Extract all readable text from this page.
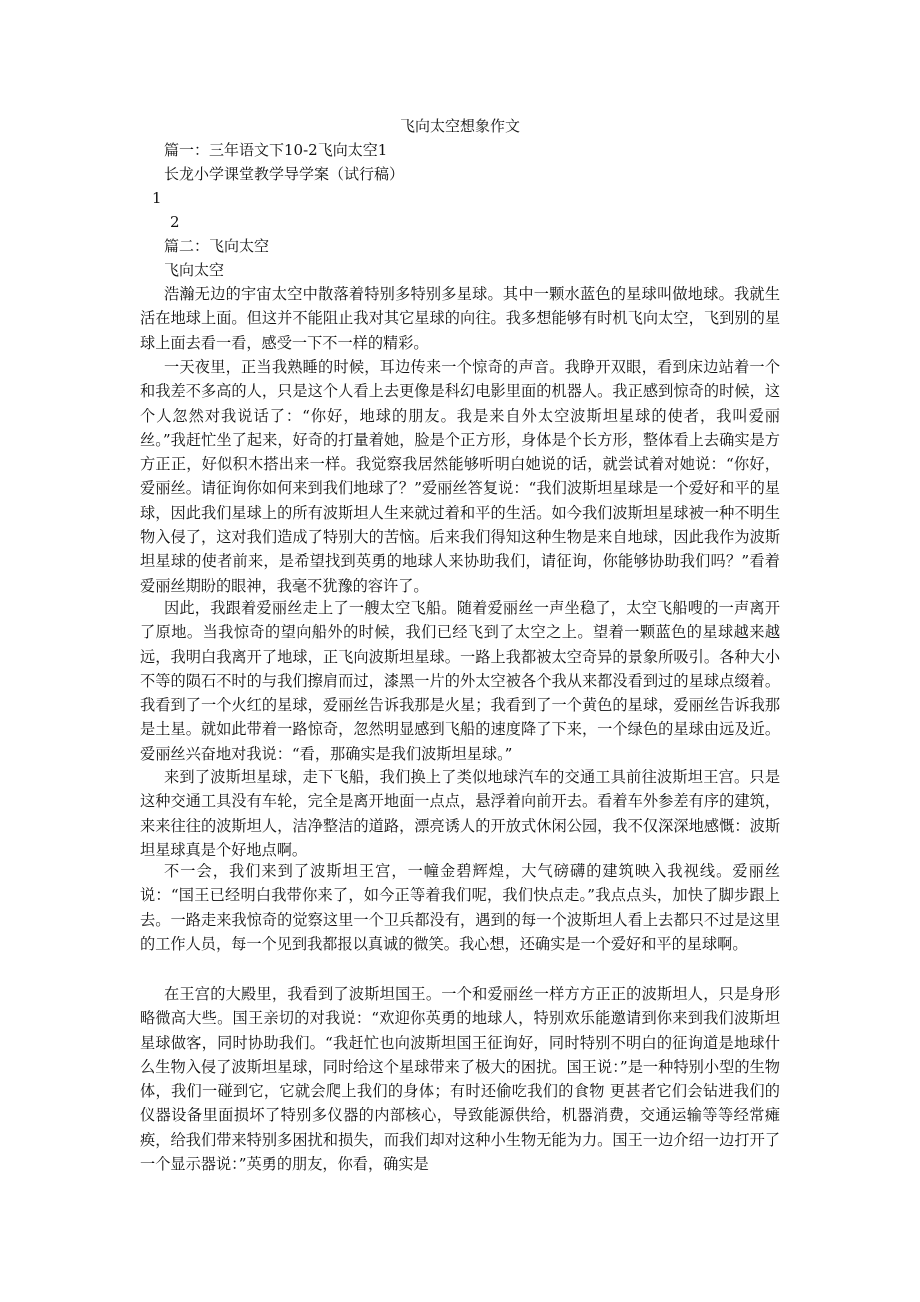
飞向太空想象作文
篇一：三年语文下10-2飞向太空1
长龙小学课堂教学导学案（试行稿）
1
2
篇二：飞向太空
飞向太空

浩瀚无边的宇宙太空中散落着特别多特别多星球。其中一颗水蓝色的星球叫做地球。我就生活在地球上面。但这并不能阻止我对其它星球的向往。我多想能够有时机飞向太空，飞到别的星球上面去看一看，感受一下不一样的精彩。

一天夜里，正当我熟睡的时候，耳边传来一个惊奇的声音。我睁开双眼，看到床边站着一个和我差不多高的人，只是这个人看上去更像是科幻电影里面的机器人。我正感到惊奇的时候，这个人忽然对我说话了：“你好，地球的朋友。我是来自外太空波斯坦星球的使者，我叫爱丽丝。”我赶忙坐了起来，好奇的打量着她，脸是个正方形，身体是个长方形，整体看上去确实是方方正正，好似积木搭出来一样。我觉察我居然能够听明白她说的话，就尝试着对她说：“你好，爱丽丝。请征询你如何来到我们地球了？”爱丽丝答复说：“我们波斯坦星球是一个爱好和平的星球，因此我们星球上的所有波斯坦人生来就过着和平的生活。如今我们波斯坦星球被一种不明生物入侵了，这对我们造成了特别大的苦恼。后来我们得知这种生物是来自地球，因此我作为波斯坦星球的使者前来，是希望找到英勇的地球人来协助我们，请征询，你能够协助我们吗？”看着爱丽丝期盼的眼神，我毫不犹豫的容许了。

因此，我跟着爱丽丝走上了一艘太空飞船。随着爱丽丝一声坐稳了，太空飞船嗖的一声离开了原地。当我惊奇的望向船外的时候，我们已经飞到了太空之上。望着一颗蓝色的星球越来越远，我明白我离开了地球，正飞向波斯坦星球。一路上我都被太空奇异的景象所吸引。各种大小不等的陨石不时的与我们擦肩而过，漆黑一片的外太空被各个我从来都没看到过的星球点缀着。我看到了一个火红的星球，爱丽丝告诉我那是火星；我看到了一个黄色的星球，爱丽丝告诉我那是土星。就如此带着一路惊奇，忽然明显感到飞船的速度降了下来，一个绿色的星球由远及近。爱丽丝兴奋地对我说：“看，那确实是我们波斯坦星球。”

来到了波斯坦星球，走下飞船，我们换上了类似地球汽车的交通工具前往波斯坦王宫。只是这种交通工具没有车轮，完全是离开地面一点点，悬浮着向前开去。看着车外参差有序的建筑，来来往往的波斯坦人，洁净整洁的道路，漂亮诱人的开放式休闲公园，我不仅深深地感慨：波斯坦星球真是个好地点啊。

不一会，我们来到了波斯坦王宫，一幢金碧辉煌，大气磅礴的建筑映入我视线。爱丽丝说：“国王已经明白我带你来了，如今正等着我们呢，我们快点走。”我点点头，加快了脚步跟上去。一路走来我惊奇的觉察这里一个卫兵都没有，遇到的每一个波斯坦人看上去都只不过是这里的工作人员，每一个见到我都报以真诚的微笑。我心想，还确实是一个爱好和平的星球啊。

在王宫的大殿里，我看到了波斯坦国王。一个和爱丽丝一样方方正正的波斯坦人，只是身形略微高大些。国王亲切的对我说：“欢迎你英勇的地球人，特别欢乐能邀请到你来到我们波斯坦星球做客，同时协助我们。“我赶忙也向波斯坦国王征询好，同时特别不明白的征询道是地球什么生物入侵了波斯坦星球，同时给这个星球带来了极大的困扰。国王说：”是一种特别小型的生物体，我们一碰到它，它就会爬上我们的身体；有时还偷吃我们的食物 更甚者它们会钻进我们的仪器设备里面损坏了特别多仪器的内部核心，导致能源供给，机器消费，交通运输等等经常瘫痪，给我们带来特别多困扰和损失，而我们却对这种小生物无能为力。国王一边介绍一边打开了一个显示器说：”英勇的朋友，你看，确实是
